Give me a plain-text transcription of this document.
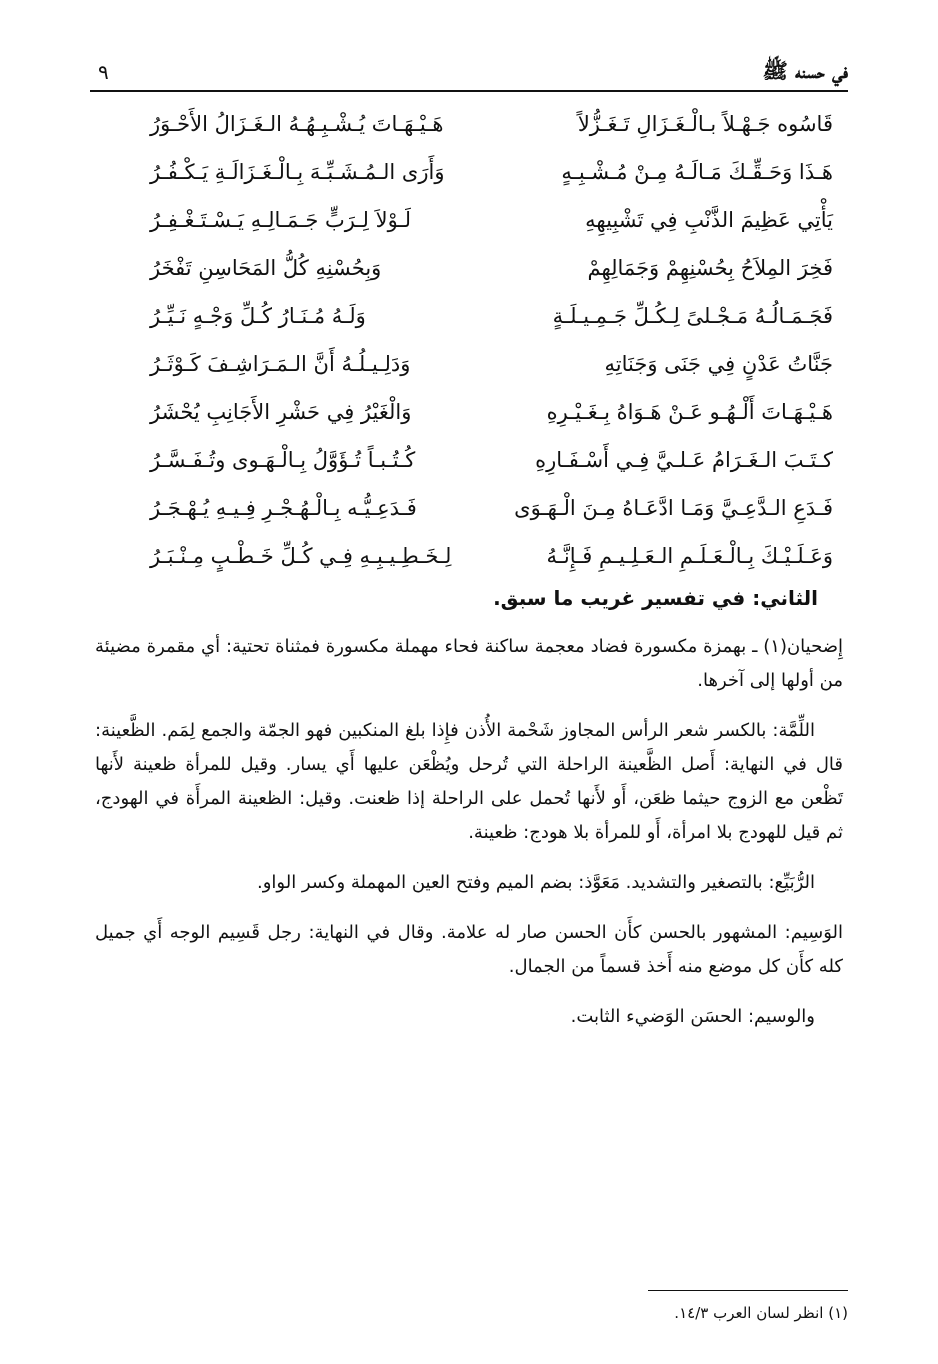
في حسنه ﷺ
٩
قَاسُوه جَـهْـلاً بـالْـغَـزَالِ تَـغَـزُّلاً
هَـيْـهَـاتَ يُـشْـبِـهُـهُ الـغَـزَالُ الأَحْـوَرُ
هَـذَا وَحَـقِّـكَ مَـالَـهُ مِـنْ مُـشْـبِـهٍ
وَأَرَى الـمُـشَـبِّـهَ بِـالْـغَـزَالَـةِ يَـكْـفُـرُ
يَأْتِي عَظِيمَ الذَّنْبِ فِي تَشْبِيهِهِ
لَـوْلاَ لِـرَبٍّ جَـمَـالِـهِ يَـسْـتَـغْـفِـرُ
فَخِرَ المِلاَحُ بِحُسْنِهِمْ وَجَمَالِهِمْ
وَبِحُسْنِهِ كُلُّ المَحَاسِنِ تَفْخَرُ
فَجَـمَـالُـهُ مَـجْـلىً لِـكُـلِّ جَـمِـيـلَـةٍ
وَلَـهُ مُـنَـارُ كُـلِّ وَجْـهٍ نَـيِّـرُ
جَنَّاتُ عَدْنٍ فِي جَنَى وَجَنَاتِهِ
وَدَلِـيـلُـهُ أَنَّ الـمَـرَاشِـفَ كَـوْثَـرُ
هَـيْـهَـاتَ أَلْـهُـو عَـنْ هَـوَاهُ بِـغَـيْـرِهِ
وَالْغَيْرُ فِي حَشْرِ الأَجَانِبِ يُحْشَرُ
كـتَـبَ الـغَـرَامُ عَـلـيَّ فِـي أَسْـفَـارِهِ
كُـتُـبـاً تُـؤَوَّلُ بِـالْـهَـوى وتُـفَـسَّـرُ
فَـدَعِ الـدَّعِـيَّ وَمَـا ادَّعَـاهُ مِـنَ الْـهَـوَى
فَـدَعِـيُّـه بِـالْـهُـجْـرِ فِـيـهِ يُـهْـجَـرُ
وَعَـلَـيْـكَ بِـالْـعَـلَـمِ الـعَـلِـيـمِ فَـإِنَّـهُ
لِـخَـطِـيـبِـهِ فِـي كُـلِّ خَـطْـبٍ مِـنْـبَـرُ
الثاني: في تفسير غريب ما سبق.

إِضحيان(١) ـ بهمزة مكسورة فضاد معجمة ساكنة فحاء مهملة مكسورة فمثناة تحتية: أي مقمرة مضيئة من أولها إلى آخرها.

اللِّمَّة: بالكسر شعر الرأس المجاوز شَحْمة الأُذن فإِذا بلغ المنكبين فهو الجمّة والجمع لِمَم. الظَّعينة: قال في النهاية: أَصل الظَّعينة الراحلة التي تُرحل ويُظْعَن عليها أَي يسار. وقيل للمرأة ظعينة لأَنها تَظْعن مع الزوج حيثما ظعَن، أَو لأَنها تُحمل على الراحلة إذا ظعنت. وقيل: الظعينة المرأَة في الهودج، ثم قيل للهودج بلا امرأة، أَو للمرأة بلا هودج: ظعينة.

الرُّبَيِّع: بالتصغير والتشديد. مَعَوَّذ: بضم الميم وفتح العين المهملة وكسر الواو.

الوَسِيم: المشهور بالحسن كأَن الحسن صار له علامة. وقال في النهاية: رجل قَسِيم الوجه أَي جميل كله كأَن كل موضع منه أَخذ قسماً من الجمال.

والوسيم: الحسَن الوَضيء الثابت.

(١) انظر لسان العرب ١٤/٣.
